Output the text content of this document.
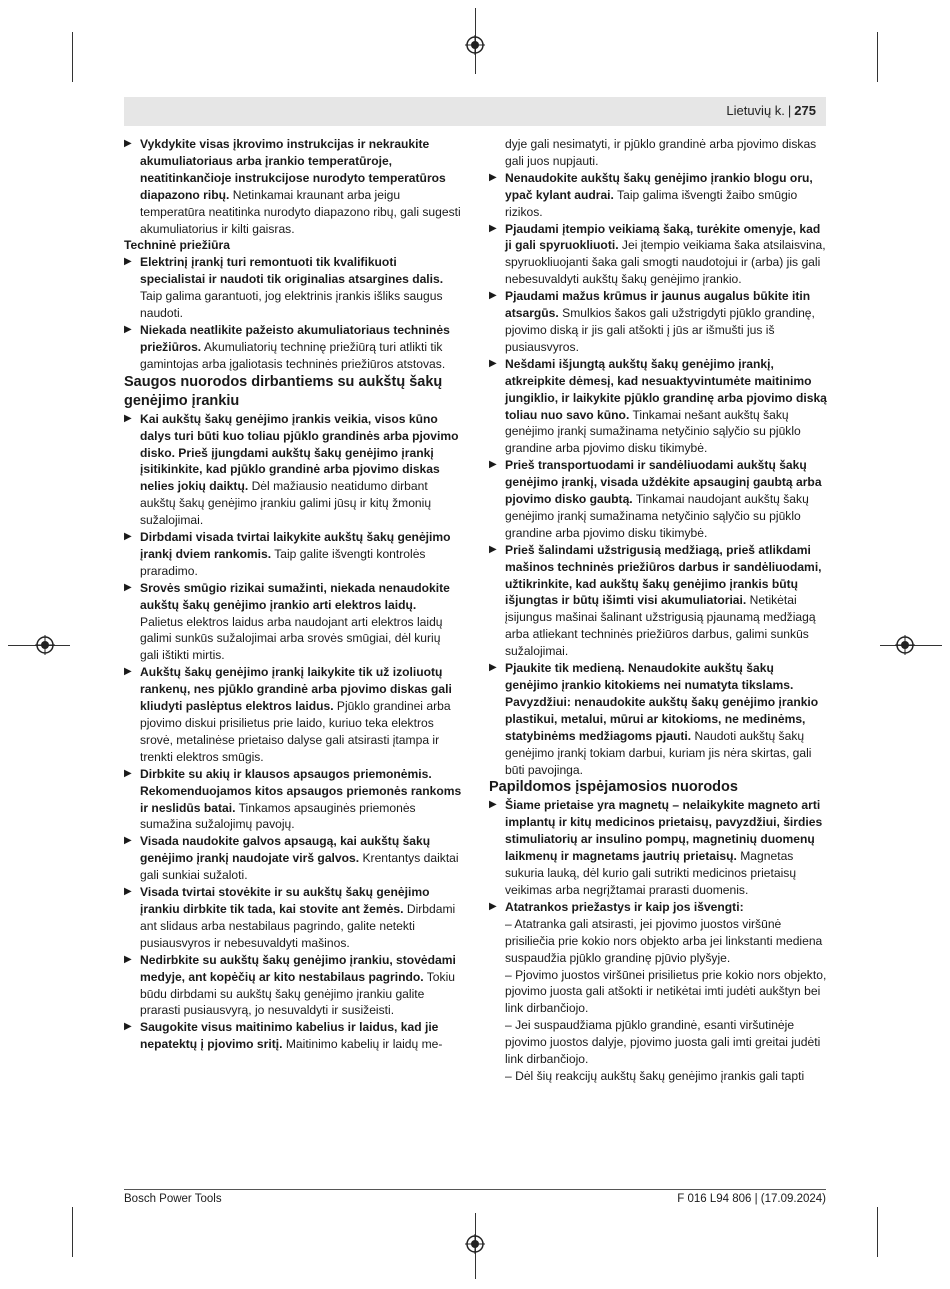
Lietuvių k. | 275

▶ Vykdykite visas įkrovimo instrukcijas ir nekraukite akumuliatoriaus arba įrankio temperatūroje, neatitinkančioje instrukcijose nurodyto temperatūros diapazono ribų. Netinkamai kraunant arba jeigu temperatūra neatitinka nurodyto diapazono ribų, gali sugesti akumuliatorius ir kilti gaisras.

Techninė priežiūra

▶ Elektrinį įrankį turi remontuoti tik kvalifikuoti specialistai ir naudoti tik originalias atsargines dalis. Taip galima garantuoti, jog elektrinis įrankis išliks saugus naudoti.

▶ Niekada neatlikite pažeisto akumuliatoriaus techninės priežiūros. Akumuliatorių techninę priežiūrą turi atlikti tik gamintojas arba įgaliotasis techninės priežiūros atstovas.

Saugos nuorodos dirbantiems su aukštų šakų genėjimo įrankiu

▶ Kai aukštų šakų genėjimo įrankis veikia, visos kūno dalys turi būti kuo toliau pjūklo grandinės arba pjovimo disko. Prieš įjungdami aukštų šakų genėjimo įrankį įsitikinkite, kad pjūklo grandinė arba pjovimo diskas nelies jokių daiktų. Dėl mažiausio neatidumo dirbant aukštų šakų genėjimo įrankiu galimi jūsų ir kitų žmonių sužalojimai.

▶ Dirbdami visada tvirtai laikykite aukštų šakų genėjimo įrankį dviem rankomis. Taip galite išvengti kontrolės praradimo.

▶ Srovės smūgio rizikai sumažinti, niekada nenaudokite aukštų šakų genėjimo įrankio arti elektros laidų. Palietus elektros laidus arba naudojant arti elektros laidų galimi sunkūs sužalojimai arba srovės smūgiai, dėl kurių gali ištikti mirtis.

▶ Aukštų šakų genėjimo įrankį laikykite tik už izoliuotų rankenų, nes pjūklo grandinė arba pjovimo diskas gali kliudyti paslėptus elektros laidus. Pjūklo grandinei arba pjovimo diskui prisilietus prie laido, kuriuo teka elektros srovė, metalinėse prietaiso dalyse gali atsirasti įtampa ir trenkti elektros smūgis.

▶ Dirbkite su akių ir klausos apsaugos priemonėmis. Rekomenduojamos kitos apsaugos priemonės rankoms ir neslidūs batai. Tinkamos apsauginės priemonės sumažina sužalojimų pavojų.

▶ Visada naudokite galvos apsaugą, kai aukštų šakų genėjimo įrankį naudojate virš galvos. Krentantys daiktai gali sunkiai sužaloti.

▶ Visada tvirtai stovėkite ir su aukštų šakų genėjimo įrankiu dirbkite tik tada, kai stovite ant žemės. Dirbdami ant slidaus arba nestabilaus pagrindo, galite netekti pusiausvyros ir nebesuvaldyti mašinos.

▶ Nedirbkite su aukštų šakų genėjimo įrankiu, stovėdami medyje, ant kopėčių ar kito nestabilaus pagrindo. Tokiu būdu dirbdami su aukštų šakų genėjimo įrankiu galite prarasti pusiausvyrą, jo nesuvaldyti ir susižeisti.

▶ Saugokite visus maitinimo kabelius ir laidus, kad jie nepatektų į pjovimo sritį. Maitinimo kabelių ir laidų me-

dyje gali nesimatyti, ir pjūklo grandinė arba pjovimo diskas gali juos nupjauti.

▶ Nenaudokite aukštų šakų genėjimo įrankio blogu oru, ypač kylant audrai. Taip galima išvengti žaibo smūgio rizikos.

▶ Pjaudami įtempio veikiamą šaką, turėkite omenyje, kad ji gali spyruokliuoti. Jei įtempio veikiama šaka atsilaisvina, spyruokliuojanti šaka gali smogti naudotojui ir (arba) jis gali nebesuvaldyti aukštų šakų genėjimo įrankio.

▶ Pjaudami mažus krūmus ir jaunus augalus būkite itin atsargūs. Smulkios šakos gali užstrigdyti pjūklo grandinę, pjovimo diską ir jis gali atšokti į jūs ar išmušti jus iš pusiausvyros.

▶ Nešdami išjungtą aukštų šakų genėjimo įrankį, atkreipkite dėmesį, kad nesuaktyvintumėte maitinimo jungiklio, ir laikykite pjūklo grandinę arba pjovimo diską toliau nuo savo kūno. Tinkamai nešant aukštų šakų genėjimo įrankį sumažinama netyčinio sąlyčio su pjūklo grandine arba pjovimo disku tikimybė.

▶ Prieš transportuodami ir sandėliuodami aukštų šakų genėjimo įrankį, visada uždėkite apsauginį gaubtą arba pjovimo disko gaubtą. Tinkamai naudojant aukštų šakų genėjimo įrankį sumažinama netyčinio sąlyčio su pjūklo grandine arba pjovimo disku tikimybė.

▶ Prieš šalindami užstrigusią medžiagą, prieš atlikdami mašinos techninės priežiūros darbus ir sandėliuodami, užtikrinkite, kad aukštų šakų genėjimo įrankis būtų išjungtas ir būtų išimti visi akumuliatoriai. Netikėtai įsijungus mašinai šalinant užstrigusią pjaunamą medžiagą arba atliekant techninės priežiūros darbus, galimi sunkūs sužalojimai.

▶ Pjaukite tik medieną. Nenaudokite aukštų šakų genėjimo įrankio kitokiems nei numatyta tikslams. Pavyzdžiui: nenaudokite aukštų šakų genėjimo įrankio plastikui, metalui, mūrui ar kitokioms, ne medinėms, statybinėms medžiagoms pjauti. Naudoti aukštų šakų genėjimo įrankį tokiam darbui, kuriam jis nėra skirtas, gali būti pavojinga.

Papildomos įspėjamosios nuorodos

▶ Šiame prietaise yra magnetų – nelaikykite magneto arti implantų ir kitų medicinos prietaisų, pavyzdžiui, širdies stimuliatorių ar insulino pompų, magnetinių duomenų laikmenų ir magnetams jautrių prietaisų. Magnetas sukuria lauką, dėl kurio gali sutrikti medicinos prietaisų veikimas arba negrįžtamai prarasti duomenis.

▶ Atatrankos priežastys ir kaip jos išvengti:

– Atatranka gali atsirasti, jei pjovimo juostos viršūnė prisiliečia prie kokio nors objekto arba jei linkstanti mediena suspaudžia pjūklo grandinę pjūvio plyšyje.

– Pjovimo juostos viršūnei prisilietus prie kokio nors objekto, pjovimo juosta gali atšokti ir netikėtai imti judėti aukštyn bei link dirbančiojo.

– Jei suspaudžiama pjūklo grandinė, esanti viršutinėje pjovimo juostos dalyje, pjovimo juosta gali imti greitai judėti link dirbančiojo.

– Dėl šių reakcijų aukštų šakų genėjimo įrankis gali tapti

Bosch Power Tools	F 016 L94 806 | (17.09.2024)
